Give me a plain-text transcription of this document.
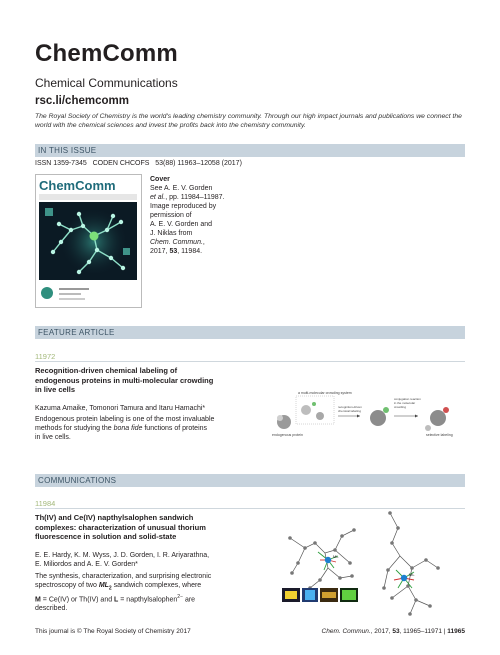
ChemComm
Chemical Communications
rsc.li/chemcomm
The Royal Society of Chemistry is the world's leading chemistry community. Through our high impact journals and publications we connect the world with the chemical sciences and invest the profits back into the chemistry community.
IN THIS ISSUE
ISSN 1359-7345 CODEN CHCOFS 53(88) 11963–12058 (2017)
ChemComm	Cover
See A. E. V. Gorden
et al., pp. 11984–11987.
Image reproduced by
permission of
A. E. V. Gorden and
J. Niklas from
Chem. Commun.,
2017, 53, 11984.
FEATURE ARTICLE
11972
Recognition-driven chemical labeling of
endogenous proteins in multi-molecular crowding
in live cells
Kazuma Amaike, Tomonori Tamura and Itaru Hamachi*
Endogenous protein labeling is one of the most invaluable
methods for studying the bona fide functions of proteins
in live cells.
a multi-molecular crowding system
endogenous protein
recognition-driven
chemical labeling
conjugation reaction
in the molecular
crowding
selective labeling
COMMUNICATIONS
11984
Th(IV) and Ce(IV) napthylsalophen sandwich
complexes: characterization of unusual thorium
fluorescence in solution and solid-state
E. E. Hardy, K. M. Wyss, J. D. Gorden, I. R. Ariyarathna,
E. Miliordos and A. E. V. Gorden*
The synthesis, characterization, and surprising electronic
spectroscopy of two $ML_2$ sandwich complexes, where
M = Ce(IV) or Th(IV) and L = napthylsalophen$^{2-}$ are
described.
ML
ML
This journal is © The Royal Society of Chemistry 2017	Chem. Commun., 2017, 53, 11965–11971 | 11965
